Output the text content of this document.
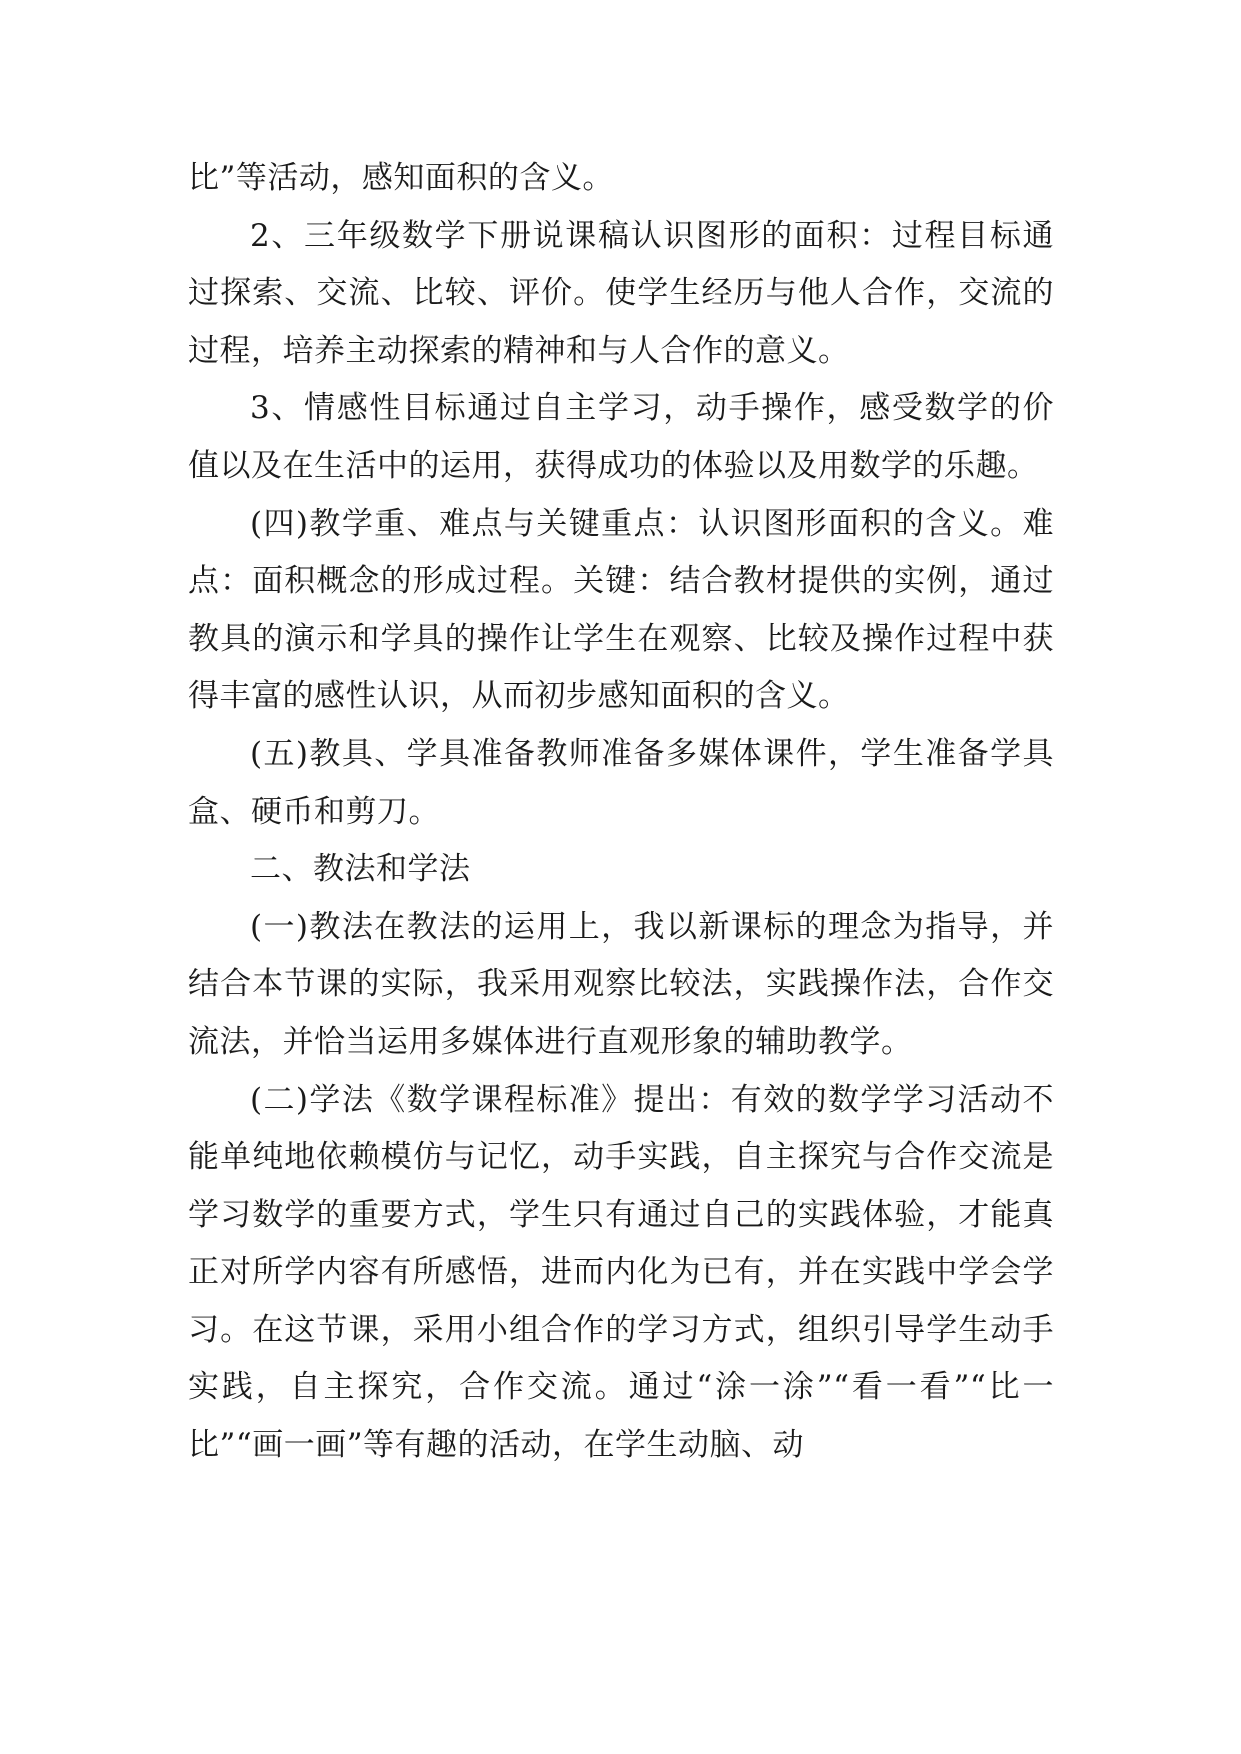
比”等活动，感知面积的含义。

2、三年级数学下册说课稿认识图形的面积：过程目标通过探索、交流、比较、评价。使学生经历与他人合作，交流的过程，培养主动探索的精神和与人合作的意义。

3、情感性目标通过自主学习，动手操作，感受数学的价值以及在生活中的运用，获得成功的体验以及用数学的乐趣。

(四)教学重、难点与关键重点：认识图形面积的含义。难点：面积概念的形成过程。关键：结合教材提供的实例，通过教具的演示和学具的操作让学生在观察、比较及操作过程中获得丰富的感性认识，从而初步感知面积的含义。

(五)教具、学具准备教师准备多媒体课件，学生准备学具盒、硬币和剪刀。

二、教法和学法

(一)教法在教法的运用上，我以新课标的理念为指导，并结合本节课的实际，我采用观察比较法，实践操作法，合作交流法，并恰当运用多媒体进行直观形象的辅助教学。

(二)学法《数学课程标准》提出：有效的数学学习活动不能单纯地依赖模仿与记忆，动手实践，自主探究与合作交流是学习数学的重要方式，学生只有通过自己的实践体验，才能真正对所学内容有所感悟，进而内化为已有，并在实践中学会学习。在这节课，采用小组合作的学习方式，组织引导学生动手实践，自主探究，合作交流。通过“涂一涂”“看一看”“比一比”“画一画”等有趣的活动，在学生动脑、动
